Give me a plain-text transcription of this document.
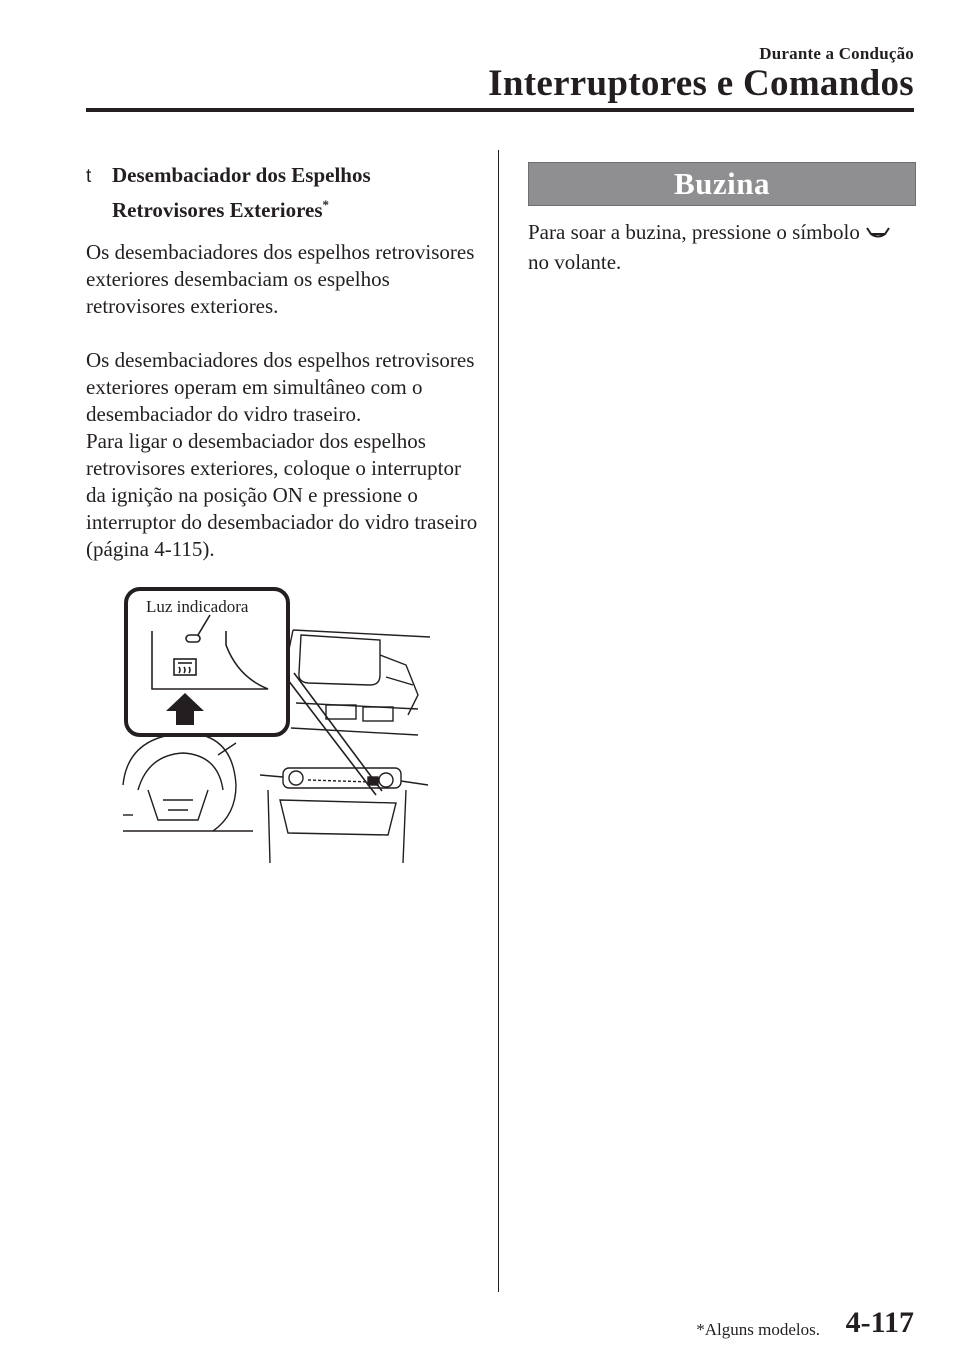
Durante a Condução
Interruptores e Comandos
t Desembaciador dos Espelhos
Retrovisores Exteriores*

Os desembaciadores dos espelhos retrovisores exteriores desembaciam os espelhos retrovisores exteriores.

Os desembaciadores dos espelhos retrovisores exteriores operam em simultâneo com o desembaciador do vidro traseiro.

Para ligar o desembaciador dos espelhos retrovisores exteriores, coloque o interruptor da ignição na posição ON e pressione o interruptor do desembaciador do vidro traseiro (página 4-115).

Luz indicadora
Buzina
Para soar a buzina, pressione o símbolo
no volante.
*Alguns modelos. 4-117
